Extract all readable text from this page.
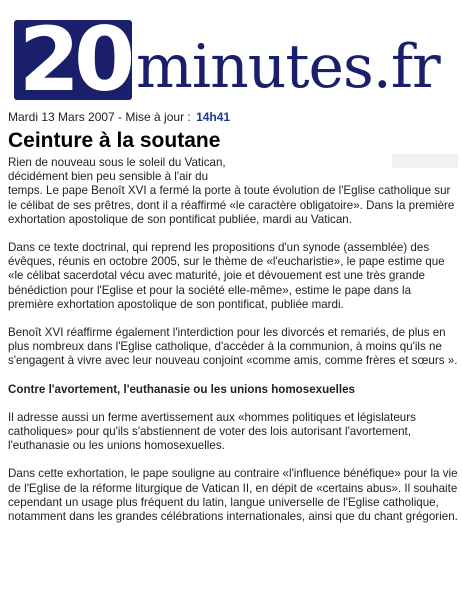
20 minutes.fr
Mardi 13 Mars 2007 - Mise à jour : 14h41
Ceinture à la soutane

Rien de nouveau sous le soleil du Vatican,

décidément bien peu sensible à l'air du

temps. Le pape Benoît XVI a fermé la porte à toute évolution de l'Eglise catholique sur le célibat de ses prêtres, dont il a réaffirmé «le caractère obligatoire». Dans la première exhortation apostolique de son pontificat publiée, mardi au Vatican.

Dans ce texte doctrinal, qui reprend les propositions d'un synode (assemblée) des évêques, réunis en octobre 2005, sur le thème de «l'eucharistie», le pape estime que «le célibat sacerdotal vécu avec maturité, joie et dévouement est une très grande bénédiction pour l'Eglise et pour la société elle-même», estime le pape dans la première exhortation apostolique de son pontificat, publiée mardi.

Benoît XVI réaffirme également l'interdiction pour les divorcés et remariés, de plus en plus nombreux dans l'Eglise catholique, d'accéder à la communion, à moins qu'ils ne s'engagent à vivre avec leur nouveau conjoint «comme amis, comme frères et sœurs ».

Contre l'avortement, l'euthanasie ou les unions homosexuelles

Il adresse aussi un ferme avertissement aux «hommes politiques et législateurs catholiques» pour qu'ils s'abstiennent de voter des lois autorisant l'avortement, l'euthanasie ou les unions homosexuelles.

Dans cette exhortation, le pape souligne au contraire «l'influence bénéfique» pour la vie de l'Eglise de la réforme liturgique de Vatican II, en dépit de «certains abus». Il souhaite cependant un usage plus fréquent du latin, langue universelle de l'Eglise catholique, notamment dans les grandes célébrations internationales, ainsi que du chant grégorien.
